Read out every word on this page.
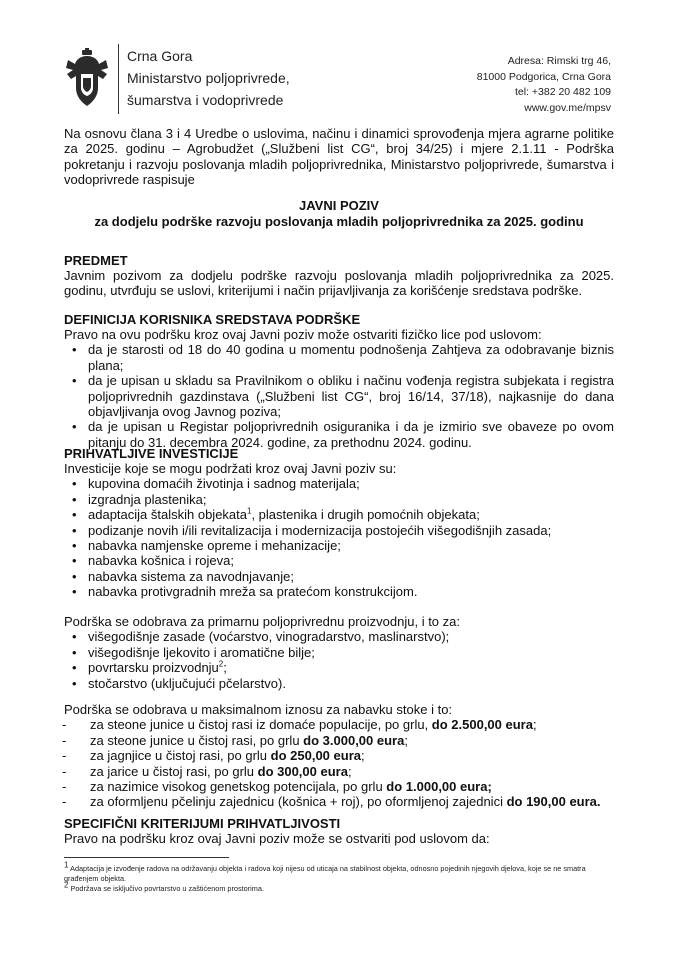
Crna Gora
Ministarstvo poljoprivrede,
šumarstva i vodoprivrede
Adresa: Rimski trg 46,
81000 Podgorica, Crna Gora
tel: +382 20 482 109
www.gov.me/mpsv
Na osnovu člana 3 i 4 Uredbe o uslovima, načinu i dinamici sprovođenja mjera agrarne politike za 2025. godinu – Agrobudžet („Službeni list CG“, broj 34/25) i mjere 2.1.11 - Podrška pokretanju i razvoju poslovanja mladih poljoprivrednika, Ministarstvo poljoprivrede, šumarstva i vodoprivrede raspisuje
JAVNI POZIV
za dodjelu podrške razvoju poslovanja mladih poljoprivrednika za 2025. godinu
PREDMET
Javnim pozivom za dodjelu podrške razvoju poslovanja mladih poljoprivrednika za 2025. godinu, utvrđuju se uslovi, kriterijumi i način prijavljivanja za korišćenje sredstava podrške.
DEFINICIJA KORISNIKA SREDSTAVA PODRŠKE

Pravo na ovu podršku kroz ovaj Javni poziv može ostvariti fizičko lice pod uslovom:

• da je starosti od 18 do 40 godina u momentu podnošenja Zahtjeva za odobravanje biznis plana;
• da je upisan u skladu sa Pravilnikom o obliku i načinu vođenja registra subjekata i registra poljoprivrednih gazdinstava („Službeni list CG“, broj 16/14, 37/18), najkasnije do dana objavljivanja ovog Javnog poziva;
• da je upisan u Registar poljoprivrednih osiguranika i da je izmirio sve obaveze po ovom pitanju do 31. decembra 2024. godine, za prethodnu 2024. godinu.
PRIHVATLJIVE INVESTICIJE

Investicije koje se mogu podržati kroz ovaj Javni poziv su:

• kupovina domaćih životinja i sadnog materijala;
• izgradnja plastenika;
• adaptacija štalskih objekata$^1$, plastenika i drugih pomoćnih objekata;
• podizanje novih i/ili revitalizacija i modernizacija postojećih višegodišnjih zasada;
• nabavka namjenske opreme i mehanizacije;
• nabavka košnica i rojeva;
• nabavka sistema za navodnjavanje;
• nabavka protivgradnih mreža sa pratećom konstrukcijom.

Podrška se odobrava za primarnu poljoprivrednu proizvodnju, i to za:

• višegodišnje zasade (voćarstvo, vinogradarstvo, maslinarstvo);
• višegodišnje ljekovito i aromatične bilje;
• povrtarsku proizvodnju$^2$;
• stočarstvo (uključujući pčelarstvo).

Podrška se odobrava u maksimalnom iznosu za nabavku stoke i to:

- za steone junice u čistoj rasi iz domaće populacije, po grlu, do 2.500,00 eura;
- za steone junice u čistoj rasi, po grlu do 3.000,00 eura;
- za jagnjice u čistoj rasi, po grlu do 250,00 eura;
- za jarice u čistoj rasi, po grlu do 300,00 eura;
- za nazimice visokog genetskog potencijala, po grlu do 1.000,00 eura;
- za oformljenu pčelinju zajednicu (košnica + roj), po oformljenoj zajednici do 190,00 eura.
SPECIFIČNI KRITERIJUMI PRIHVATLJIVOSTI
Pravo na podršku kroz ovaj Javni poziv može se ostvariti pod uslovom da:
$^1$ Adaptacija je izvođenje radova na održavanju objekta i radova koji nijesu od uticaja na stabilnost objekta, odnosno pojedinih njegovih djelova, koje se ne smatra građenjem objekta.
$^2$ Podržava se isključivo povrtarstvo u zaštićenom prostorima.
